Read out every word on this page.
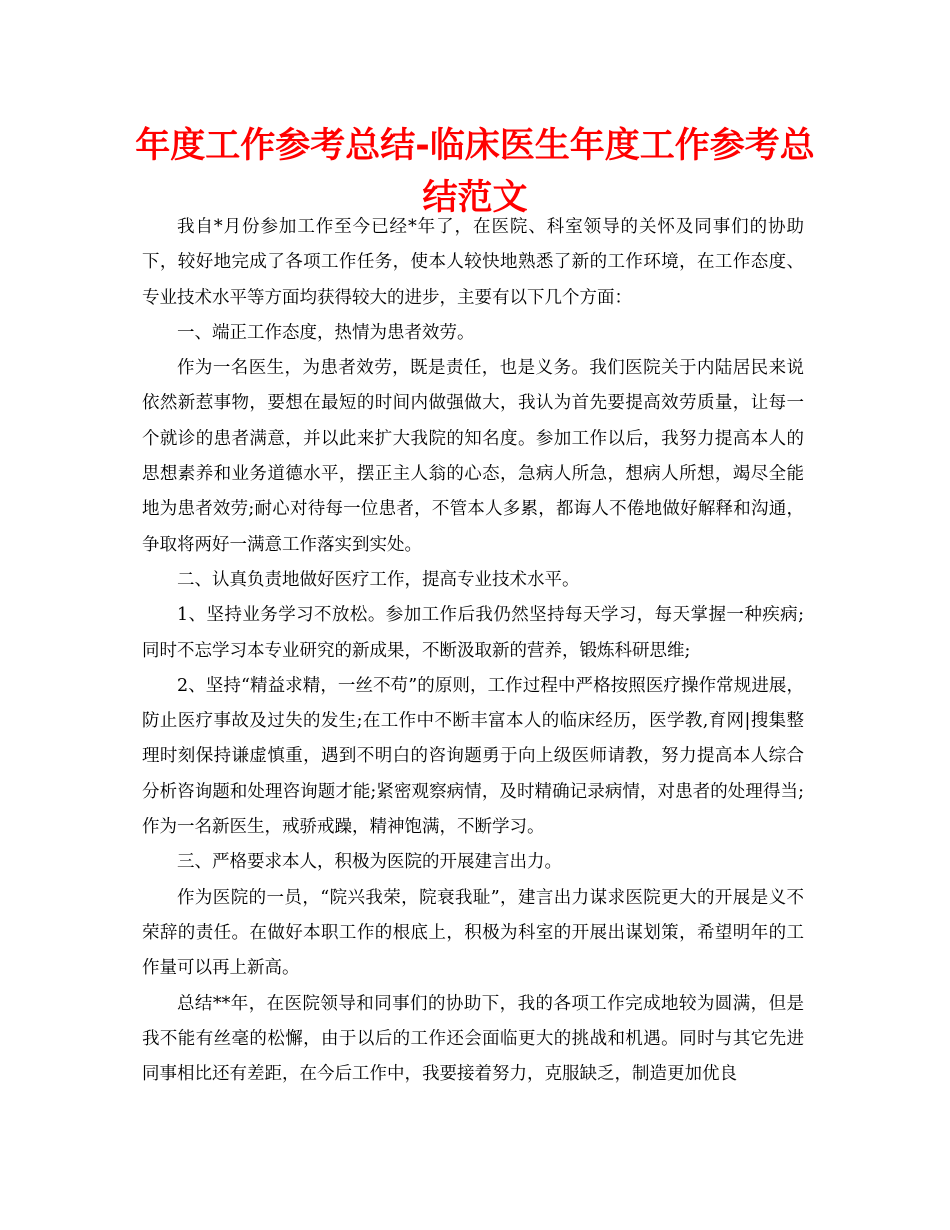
年度工作参考总结-临床医生年度工作参考总结范文

我自*月份参加工作至今已经*年了，在医院、科室领导的关怀及同事们的协助下，较好地完成了各项工作任务，使本人较快地熟悉了新的工作环境，在工作态度、专业技术水平等方面均获得较大的进步，主要有以下几个方面：

一、端正工作态度，热情为患者效劳。

作为一名医生，为患者效劳，既是责任，也是义务。我们医院关于内陆居民来说依然新惹事物，要想在最短的时间内做强做大，我认为首先要提高效劳质量，让每一个就诊的患者满意，并以此来扩大我院的知名度。参加工作以后，我努力提高本人的思想素养和业务道德水平，摆正主人翁的心态，急病人所急，想病人所想，竭尽全能地为患者效劳;耐心对待每一位患者，不管本人多累，都诲人不倦地做好解释和沟通，争取将两好一满意工作落实到实处。

二、认真负责地做好医疗工作，提高专业技术水平。

1、坚持业务学习不放松。参加工作后我仍然坚持每天学习，每天掌握一种疾病;同时不忘学习本专业研究的新成果，不断汲取新的营养，锻炼科研思维;

2、坚持“精益求精，一丝不苟”的原则，工作过程中严格按照医疗操作常规进展，防止医疗事故及过失的发生;在工作中不断丰富本人的临床经历，医学教,育网|搜集整理时刻保持谦虚慎重，遇到不明白的咨询题勇于向上级医师请教，努力提高本人综合分析咨询题和处理咨询题才能;紧密观察病情，及时精确记录病情，对患者的处理得当;作为一名新医生，戒骄戒躁，精神饱满，不断学习。

三、严格要求本人，积极为医院的开展建言出力。

作为医院的一员，“院兴我荣，院衰我耻”，建言出力谋求医院更大的开展是义不荣辞的责任。在做好本职工作的根底上，积极为科室的开展出谋划策，希望明年的工作量可以再上新高。

总结**年，在医院领导和同事们的协助下，我的各项工作完成地较为圆满，但是我不能有丝毫的松懈，由于以后的工作还会面临更大的挑战和机遇。同时与其它先进同事相比还有差距，在今后工作中，我要接着努力，克服缺乏，制造更加优良
